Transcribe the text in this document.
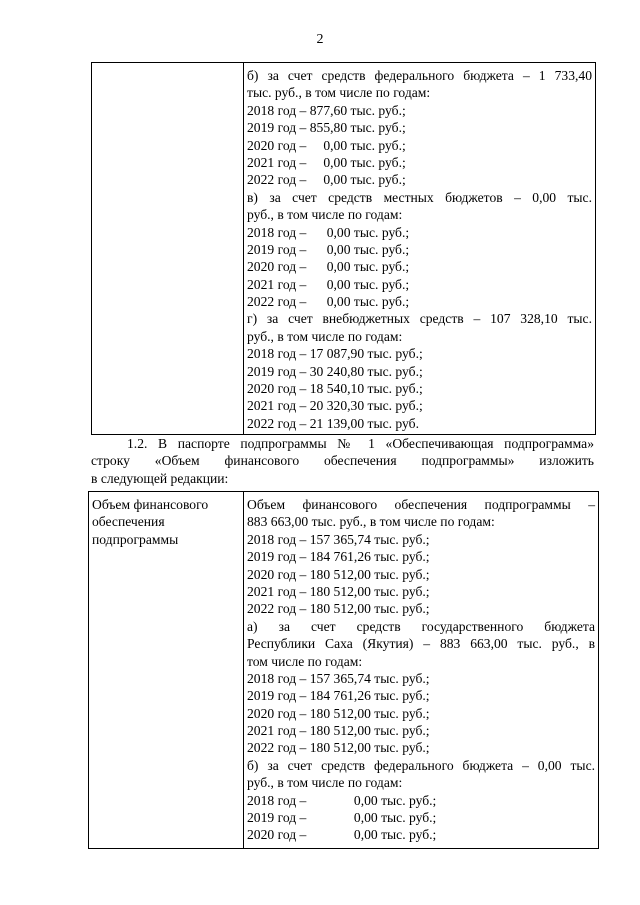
2

б) за счет средств федерального бюджета – 1 733,40
тыс. руб., в том числе по годам:
2018 год – 877,60 тыс. руб.;
2019 год – 855,80 тыс. руб.;
2020 год –     0,00 тыс. руб.;
2021 год –     0,00 тыс. руб.;
2022 год –     0,00 тыс. руб.;
в) за счет средств местных бюджетов – 0,00 тыс.
руб., в том числе по годам:
2018 год –      0,00 тыс. руб.;
2019 год –      0,00 тыс. руб.;
2020 год –      0,00 тыс. руб.;
2021 год –      0,00 тыс. руб.;
2022 год –      0,00 тыс. руб.;
г) за счет внебюджетных средств – 107 328,10 тыс.
руб., в том числе по годам:
2018 год – 17 087,90 тыс. руб.;
2019 год – 30 240,80 тыс. руб.;
2020 год – 18 540,10 тыс. руб.;
2021 год – 20 320,30 тыс. руб.;
2022 год – 21 139,00 тыс. руб.
1.2. В паспорте подпрограммы № 1 «Обеспечивающая подпрограмма»
строку «Объем финансового обеспечения подпрограммы» изложить
в следующей редакции:
Объем финансового
обеспечения
подпрограммы

Объем финансового обеспечения подпрограммы –
883 663,00 тыс. руб., в том числе по годам:
2018 год – 157 365,74 тыс. руб.;
2019 год – 184 761,26 тыс. руб.;
2020 год – 180 512,00 тыс. руб.;
2021 год – 180 512,00 тыс. руб.;
2022 год – 180 512,00 тыс. руб.;
а) за счет средств государственного бюджета
Республики Саха (Якутия) – 883 663,00 тыс. руб., в
том числе по годам:
2018 год – 157 365,74 тыс. руб.;
2019 год – 184 761,26 тыс. руб.;
2020 год – 180 512,00 тыс. руб.;
2021 год – 180 512,00 тыс. руб.;
2022 год – 180 512,00 тыс. руб.;
б) за счет средств федерального бюджета – 0,00 тыс.
руб., в том числе по годам:
2018 год –              0,00 тыс. руб.;
2019 год –              0,00 тыс. руб.;
2020 год –              0,00 тыс. руб.;
